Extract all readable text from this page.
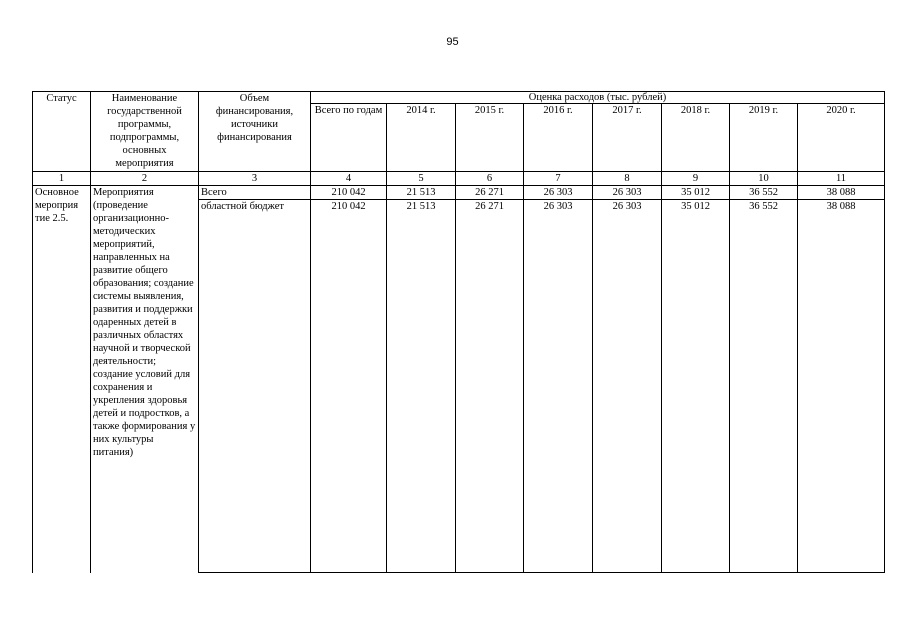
95
Статус	Наименование государственной программы, подпрограммы, основных мероприятия	Объем финансирования, источники финансирования	Оценка расходов (тыс. рублей)							
			Всего по годам	2014 г.	2015 г.	2016 г.	2017 г.	2018 г.	2019 г.	2020 г.
1	2	3	4	5	6	7	8	9	10	11
Основное мероприя тие 2.5.	Мероприятия (проведение организационно-методических мероприятий, направленных на развитие общего образования; создание системы выявления, развития и поддержки одаренных детей в различных областях научной и творческой деятельности; создание условий для сохранения и укрепления здоровья детей и подростков, а также формирования у них культуры питания)	Всего	210 042	21 513	26 271	26 303	26 303	35 012	36 552	38 088
		областной бюджет	210 042	21 513	26 271	26 303	26 303	35 012	36 552	38 088
